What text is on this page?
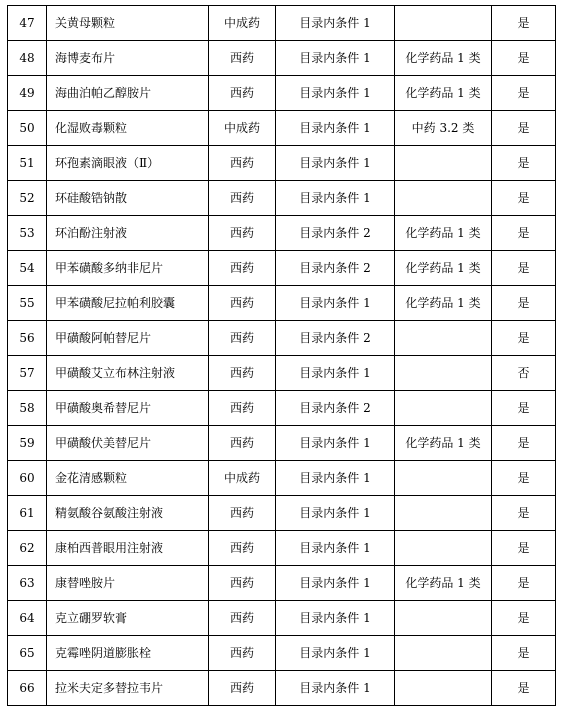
47	关黄母颗粒	中成药	目录内条件 1		是
48	海博麦布片	西药	目录内条件 1	化学药品 1 类	是
49	海曲泊帕乙醇胺片	西药	目录内条件 1	化学药品 1 类	是
50	化湿败毒颗粒	中成药	目录内条件 1	中药 3.2 类	是
51	环孢素滴眼液（Ⅱ）	西药	目录内条件 1		是
52	环硅酸锆钠散	西药	目录内条件 1		是
53	环泊酚注射液	西药	目录内条件 2	化学药品 1 类	是
54	甲苯磺酸多纳非尼片	西药	目录内条件 2	化学药品 1 类	是
55	甲苯磺酸尼拉帕利胶囊	西药	目录内条件 1	化学药品 1 类	是
56	甲磺酸阿帕替尼片	西药	目录内条件 2		是
57	甲磺酸艾立布林注射液	西药	目录内条件 1		否
58	甲磺酸奥希替尼片	西药	目录内条件 2		是
59	甲磺酸伏美替尼片	西药	目录内条件 1	化学药品 1 类	是
60	金花清感颗粒	中成药	目录内条件 1		是
61	精氨酸谷氨酸注射液	西药	目录内条件 1		是
62	康柏西普眼用注射液	西药	目录内条件 1		是
63	康替唑胺片	西药	目录内条件 1	化学药品 1 类	是
64	克立硼罗软膏	西药	目录内条件 1		是
65	克霉唑阴道膨胀栓	西药	目录内条件 1		是
66	拉米夫定多替拉韦片	西药	目录内条件 1		是
